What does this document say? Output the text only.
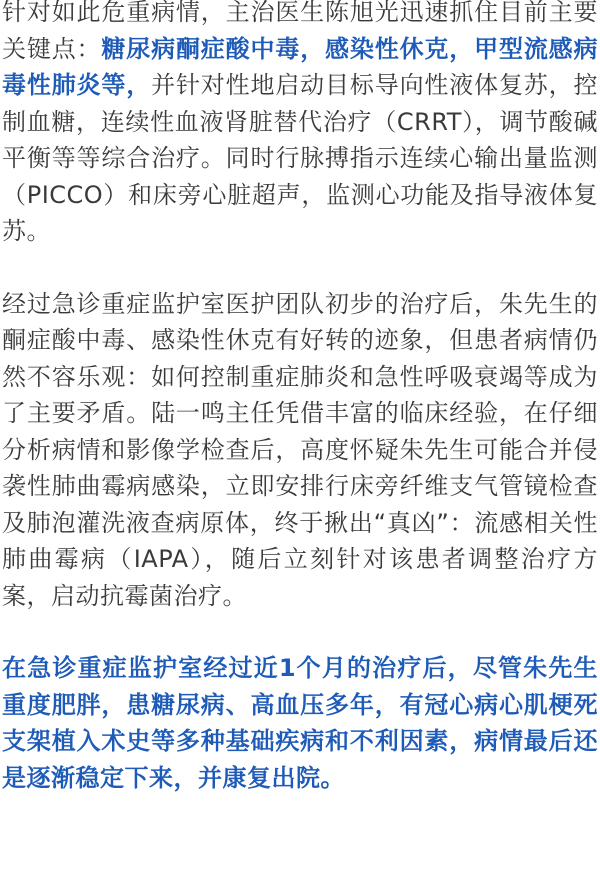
针对如此危重病情，主治医生陈旭光迅速抓住目前主要关键点：糖尿病酮症酸中毒，感染性休克，甲型流感病毒性肺炎等，并针对性地启动目标导向性液体复苏，控制血糖，连续性血液肾脏替代治疗（CRRT），调节酸碱平衡等等综合治疗。同时行脉搏指示连续心输出量监测（PICCO）和床旁心脏超声，监测心功能及指导液体复苏。

经过急诊重症监护室医护团队初步的治疗后，朱先生的酮症酸中毒、感染性休克有好转的迹象，但患者病情仍然不容乐观：如何控制重症肺炎和急性呼吸衰竭等成为了主要矛盾。陆一鸣主任凭借丰富的临床经验，在仔细分析病情和影像学检查后，高度怀疑朱先生可能合并侵袭性肺曲霉病感染，立即安排行床旁纤维支气管镜检查及肺泡灌洗液查病原体，终于揪出“真凶”：流感相关性肺曲霉病（IAPA），随后立刻针对该患者调整治疗方案，启动抗霉菌治疗。

在急诊重症监护室经过近1个月的治疗后，尽管朱先生重度肥胖，患糖尿病、高血压多年，有冠心病心肌梗死支架植入术史等多种基础疾病和不利因素，病情最后还是逐渐稳定下来，并康复出院。
